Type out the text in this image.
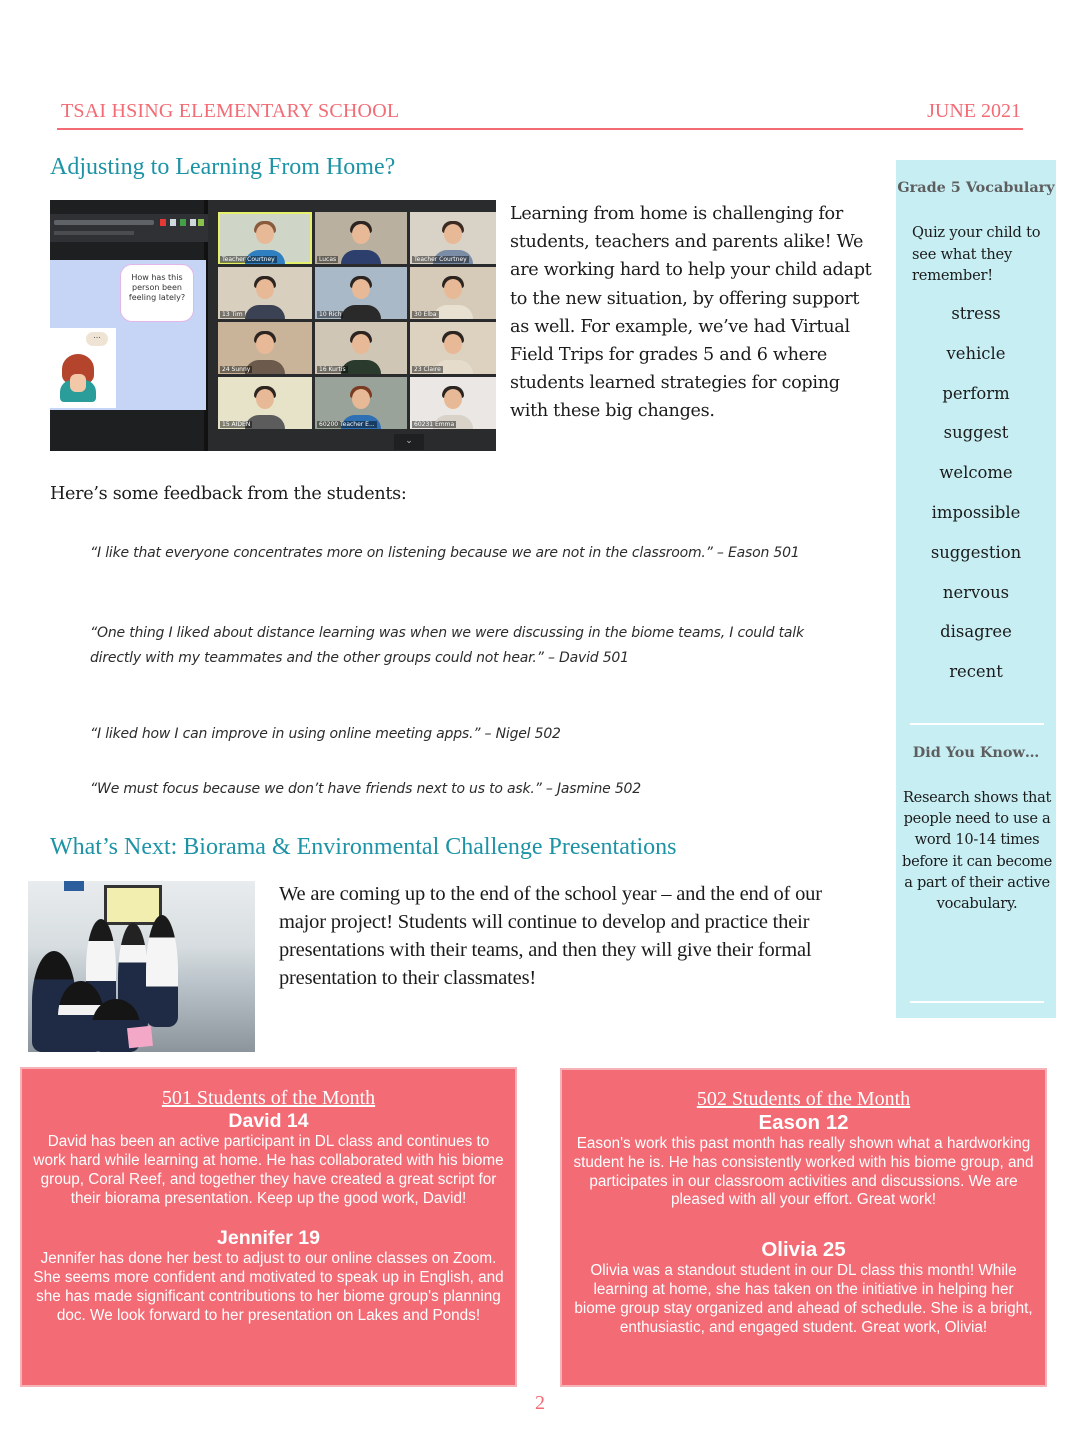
TSAI HSING ELEMENTARY SCHOOL	JUNE 2021
Adjusting to Learning From Home?
How has this person been feeling lately?
...
Teacher Courtney	Lucas	Teacher Courtney
13 Tim	10 Rich	30 Elba
24 Sunny	16 Kurtis	23 Claire
15 AIDEN	60200 Teacher E...	60231 Emma
⌄
Learning from home is challenging for students, teachers and parents alike! We are working hard to help your child adapt to the new situation, by offering support as well. For example, we’ve had Virtual Field Trips for grades 5 and 6 where students learned strategies for coping with these big changes.
Here’s some feedback from the students:
“I like that everyone concentrates more on listening because we are not in the classroom.” – Eason 501
“One thing I liked about distance learning was when we were discussing in the biome teams, I could talk directly with my teammates and the other groups could not hear.” – David 501
“I liked how I can improve in using online meeting apps.” – Nigel 502
“We must focus because we don’t have friends next to us to ask.” – Jasmine 502
What’s Next: Biorama & Environmental Challenge Presentations
We are coming up to the end of the school year – and the end of our major project! Students will continue to develop and practice their presentations with their teams, and then they will give their formal presentation to their classmates!
Grade 5 Vocabulary
Quiz your child to see what they remember!
stress
vehicle
perform
suggest
welcome
impossible
suggestion
nervous
disagree
recent
Did You Know…
Research shows that people need to use a word 10-14 times before it can become a part of their active vocabulary.
501 Students of the Month
David 14
David has been an active participant in DL class and continues to work hard while learning at home. He has collaborated with his biome group, Coral Reef, and together they have created a great script for their biorama presentation. Keep up the good work, David!
Jennifer 19
Jennifer has done her best to adjust to our online classes on Zoom. She seems more confident and motivated to speak up in English, and she has made significant contributions to her biome group's planning doc. We look forward to her presentation on Lakes and Ponds!
502 Students of the Month
Eason 12
Eason's work this past month has really shown what a hardworking student he is. He has consistently worked with his biome group, and participates in our classroom activities and discussions. We are pleased with all your effort. Great work!
Olivia 25
Olivia was a standout student in our DL class this month! While learning at home, she has taken on the initiative in helping her biome group stay organized and ahead of schedule. She is a bright, enthusiastic, and engaged student. Great work, Olivia!
2
